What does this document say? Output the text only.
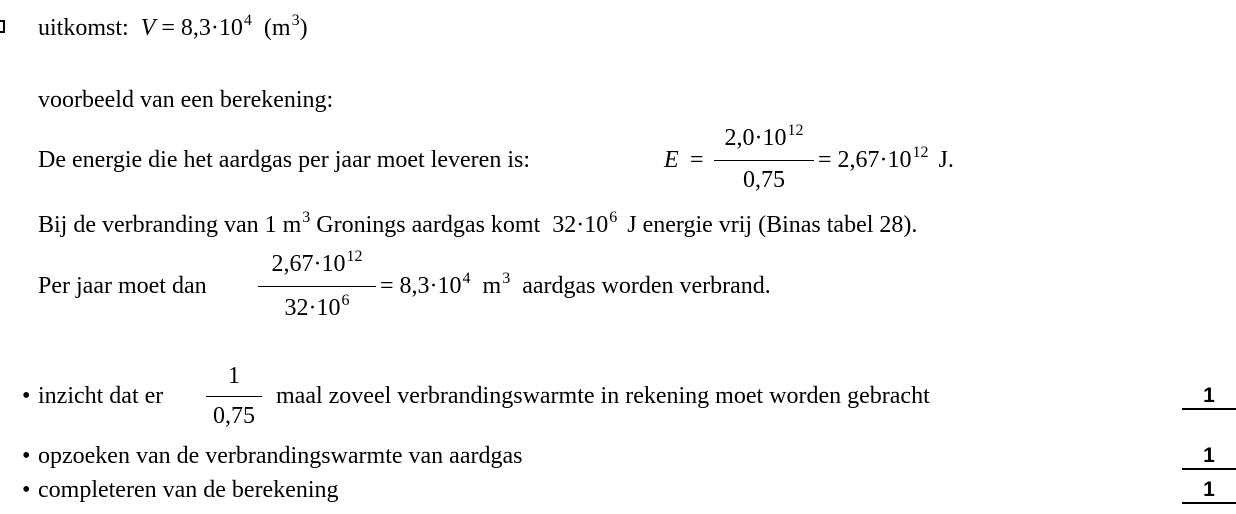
uitkomst: $V = 8,3\cdot 10^4$ $(m^3)$
voorbeeld van een berekening:
De energie die het aardgas per jaar moet leveren is:	E =
$2,0\cdot 10^{12}$
0,75
= $2,67\cdot 10^{12}$ J.
Bij de verbranding van 1 $m^3$ Gronings aardgas komt $32\cdot 10^6$ J energie vrij (Binas tabel 28).
Per jaar moet dan
$2,67\cdot 10^{12}$
$32\cdot 10^6$
= $8,3\cdot 10^4$ $m^3$ aardgas worden verbrand.
• inzicht dat er
1
0,75
maal zoveel verbrandingswarmte in rekening moet worden gebracht	1
• opzoeken van de verbrandingswarmte van aardgas	1
• completeren van de berekening	1
